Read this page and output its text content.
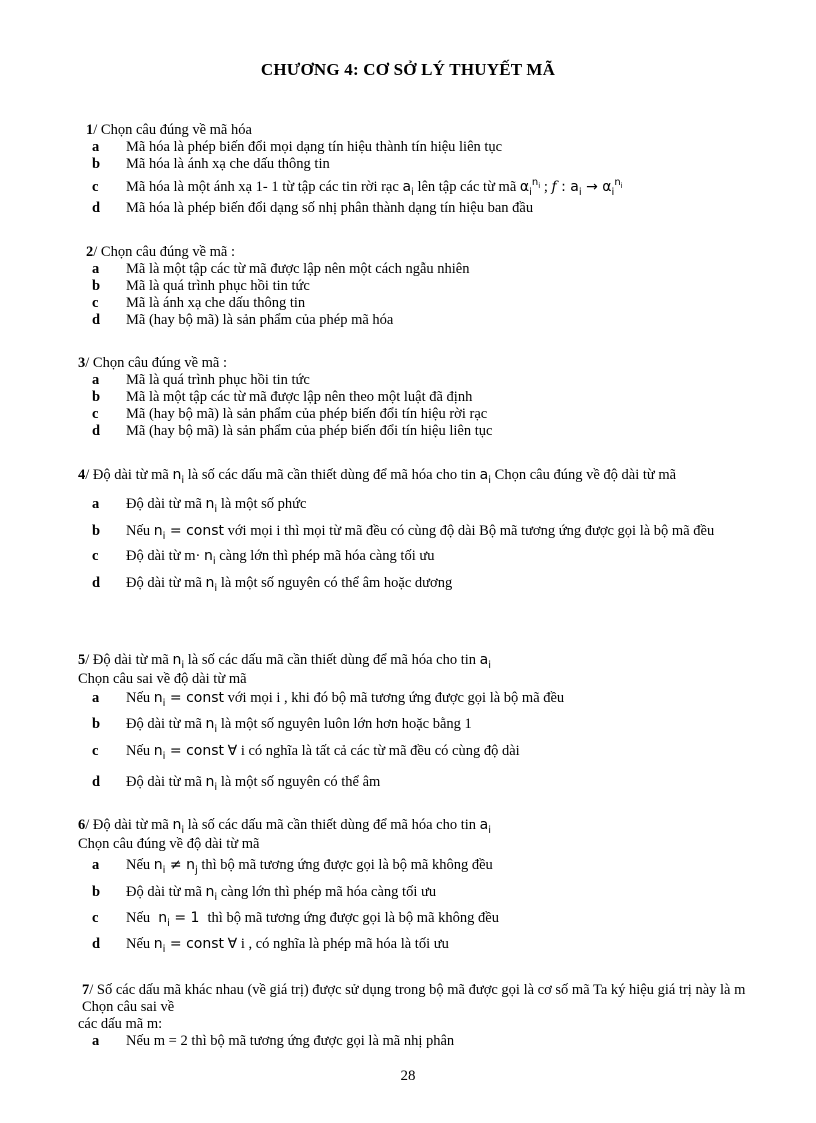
CHƯƠNG 4: CƠ SỞ LÝ THUYẾT MÃ

1/ Chọn câu đúng về mã hóa

a Mã hóa là phép biến đổi mọi dạng tín hiệu thành tín hiệu liên tục

b Mã hóa là ánh xạ che dấu thông tin

c Mã hóa là một ánh xạ 1- 1 từ tập các tin rời rạc $a_i$ lên tập các từ mã $\alpha_i^{n_i}$ ; f : $a_i \to \alpha_i^{n_i}$

d Mã hóa là phép biến đổi dạng số nhị phân thành dạng tín hiệu ban đầu

2/ Chọn câu đúng về mã :

a Mã là một tập các từ mã được lập nên một cách ngẫu nhiên

b Mã là quá trình phục hồi tin tức

c Mã là ánh xạ che dấu thông tin

d Mã (hay bộ mã) là sản phẩm của phép mã hóa

3/ Chọn câu đúng về mã :

a Mã là quá trình phục hồi tin tức

b Mã là một tập các từ mã được lập nên theo một luật đã định

c Mã (hay bộ mã) là sản phẩm của phép biến đổi tín hiệu rời rạc

d Mã (hay bộ mã) là sản phẩm của phép biến đổi tín hiệu liên tục

4/ Độ dài từ mã $n_i$ là số các dấu mã cần thiết dùng để mã hóa cho tin $a_i$ Chọn câu đúng về độ dài từ mã

a Độ dài từ mã $n_i$ là một số phức

b Nếu $n_i$ = const với mọi i thì mọi từ mã đều có cùng độ dài Bộ mã tương ứng được gọi là bộ mã đều

c Độ dài từ $m\cdot n_i$ càng lớn thì phép mã hóa càng tối ưu

d Độ dài từ mã $n_i$ là một số nguyên có thể âm hoặc dương

5/ Độ dài từ mã $n_i$ là số các dấu mã cần thiết dùng để mã hóa cho tin $a_i$

Chọn câu sai về độ dài từ mã

a Nếu $n_i$ = const với mọi i , khi đó bộ mã tương ứng được gọi là bộ mã đều

b Độ dài từ mã $n_i$ là một số nguyên luôn lớn hơn hoặc bằng 1

c Nếu $n_i$ = const ∀ i có nghĩa là tất cả các từ mã đều có cùng độ dài

d Độ dài từ mã $n_i$ là một số nguyên có thể âm

6/ Độ dài từ mã $n_i$ là số các dấu mã cần thiết dùng để mã hóa cho tin $a_i$

Chọn câu đúng về độ dài từ mã

a Nếu $n_i \ne n_j$ thì bộ mã tương ứng được gọi là bộ mã không đều

b Độ dài từ mã $n_i$ càng lớn thì phép mã hóa càng tối ưu

c Nếu  $n_i = 1$  thì bộ mã tương ứng được gọi là bộ mã không đều

d Nếu $n_i$ = const ∀ i , có nghĩa là phép mã hóa là tối ưu

7/ Số các dấu mã khác nhau (về giá trị) được sử dụng trong bộ mã được gọi là cơ số mã Ta ký hiệu giá trị này là m Chọn câu sai về

các dấu mã m:

a Nếu m = 2 thì bộ mã tương ứng được gọi là mã nhị phân

28
